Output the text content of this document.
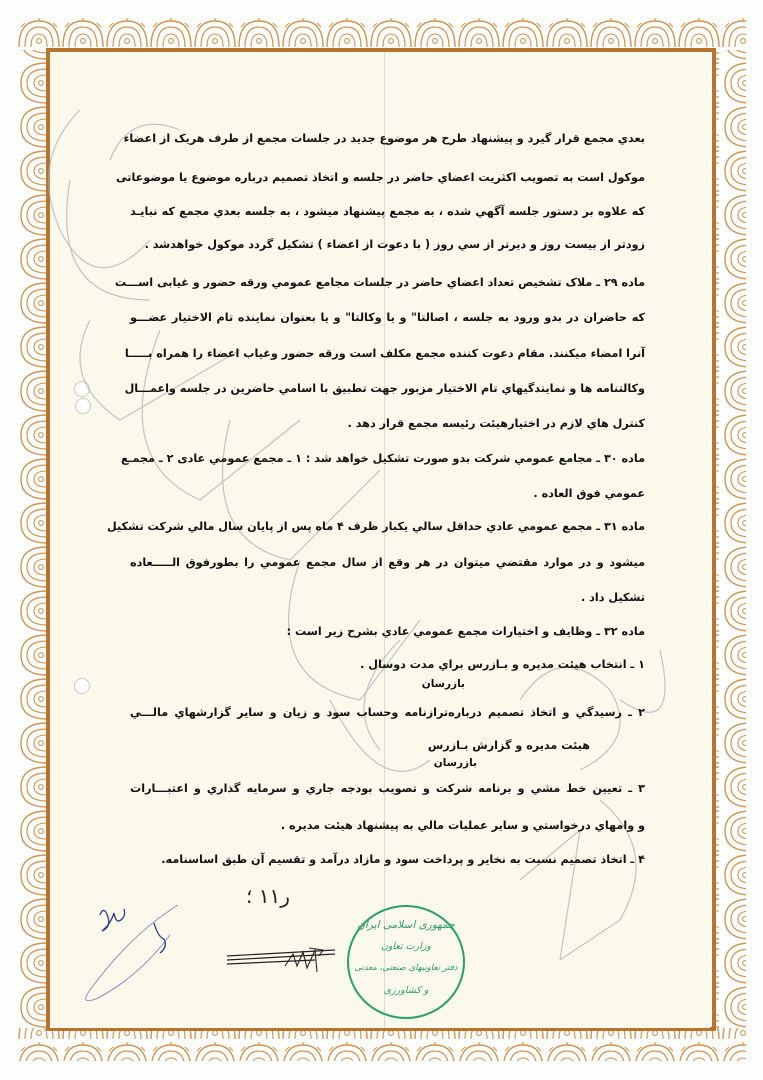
بعدي مجمع قرار گيرد و پيشنهاد طرح هر موضوع جديد در جلسات مجمع از طرف هريک از اعضاء
موکول است به تصويب اکثريت اعضاي حاضر در جلسه و اتخاذ تصميم درباره موضوع يا موضوعاتی
که علاوه بر دستور جلسه آگهي شده ، به مجمع پيشنهاد ميشود ، به جلسه بعدي مجمع که نبايـد
زودتر از بيست روز و ديرتر از سي روز ( با دعوت از اعضاء ) تشکيل گردد موکول خواهدشد .
ماده ۲۹ ـ ملاک تشخيص تعداد اعضاي حاضر در جلسات مجامع عمومي ورقه حضور و غيابی اســـت
که حاضران در بدو ورود به جلسه ، اصالتا" و يا وکالتا" و يا بعنوان نماينده تام الاختيار عضـــو
آنرا امضاء ميکنند. مقام دعوت کننده مجمع مکلف است ورقه حضور وغياب اعضاء را همراه بـــــا
وکالتنامه ها و نمايندگيهاي تام الاختيار مزبور جهت تطبيق با اسامي حاضرين در جلسه واعمـــال
کنترل هاي لازم در اختيارهيئت رئيسه مجمع قرار دهد .
ماده ۳۰ ـ مجامع عمومي شرکت بدو صورت تشکيل خواهد شد : ۱ ـ مجمع عمومي عادی ۲ ـ مجمـع
عمومي فوق العاده .
ماده ۳۱ ـ مجمع عمومي عادي حداقل سالي يکبار ظرف ۴ ماه پس از پايان سال مالي شرکت تشکيل
ميشود و در موارد مقتضي ميتوان در هر وقع از سال مجمع عمومي را بطورفوق الـــــعاده
تشکيل داد .
ماده ۳۲ ـ وظايف و اختيارات مجمع عمومي عادي بشرح زير است :
۱ ـ انتخاب هيئت مديره و بـازرس براي مدت دوسال .
بازرسان
۲ ـ رسيدگي و اتخاذ تصميم دربارەترازنامه وحساب سود و زيان و ساير گزارشهاي مالـــي
هيئت مديره و گزارش بـازرس
بازرسان
۳ ـ تعيين خط مشي و برنامه شرکت و تصويب بودجه جاري و سرمايه گذاري و اعتبـــارات
و وامهاي درخواستي و ساير عمليات مالي به پيشنهاد هيئت مديره .
۴ ـ اتخاذ تصميم نسبت به نخاير و پرداخت سود و مازاد درآمد و تقسيم آن طبق اساسنامه.
ر۱۱ ؛
جمهوری اسلامی ایران
وزارت تعاون
دفتر تعاونیهای صنعتی، معدنی
و کشاورزی
